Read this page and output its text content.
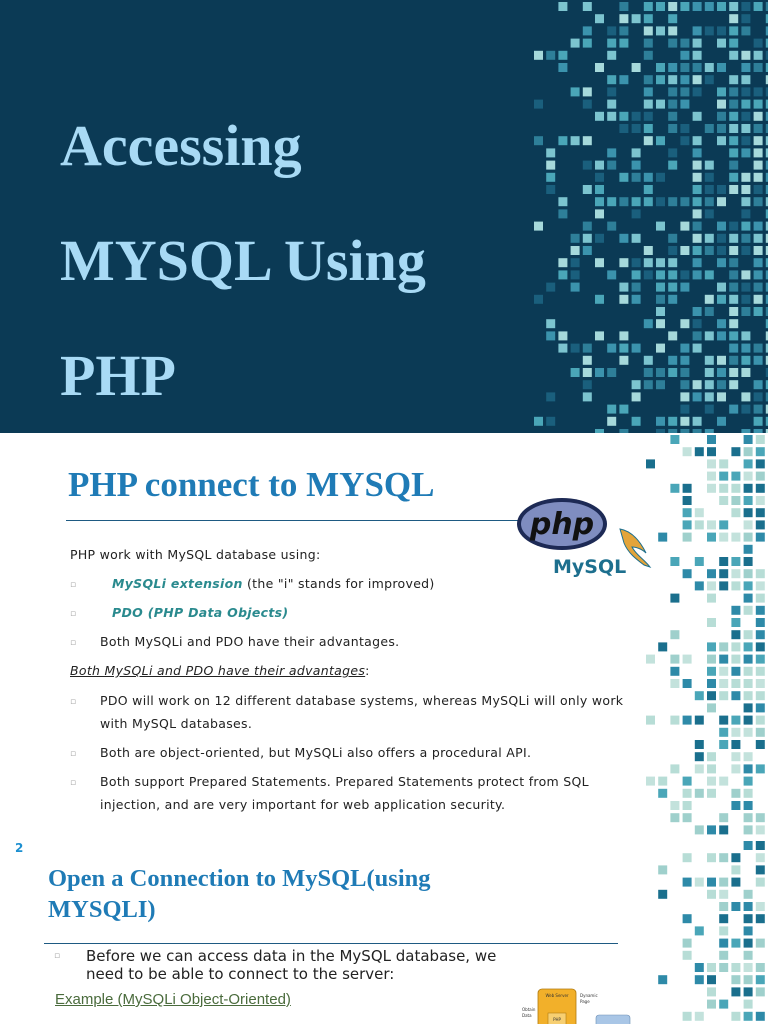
Accessing
MYSQL Using
PHP
PHP connect to MYSQL
php
MySQL
PHP work with MySQL database using:
▫	MySQLi extension (the "i" stands for improved)
▫	PDO (PHP Data Objects)
▫ Both MySQLi and PDO have their advantages.
Both MySQLi and PDO have their advantages:
▫ PDO will work on 12 different database systems, whereas MySQLi will only work
with MySQL databases.
▫ Both are object-oriented, but MySQLi also offers a procedural API.
▫ Both support Prepared Statements. Prepared Statements protect from SQL
injection, and are very important for web application security.
2
Open a Connection to MySQL(using
MYSQLI)
▫ Before we can access data in the MySQL database, we
need to be able to connect to the server:
Example (MySQLi Object-Oriented)
Obtain
Data
Web Server
PHP
Dynamic
Page
